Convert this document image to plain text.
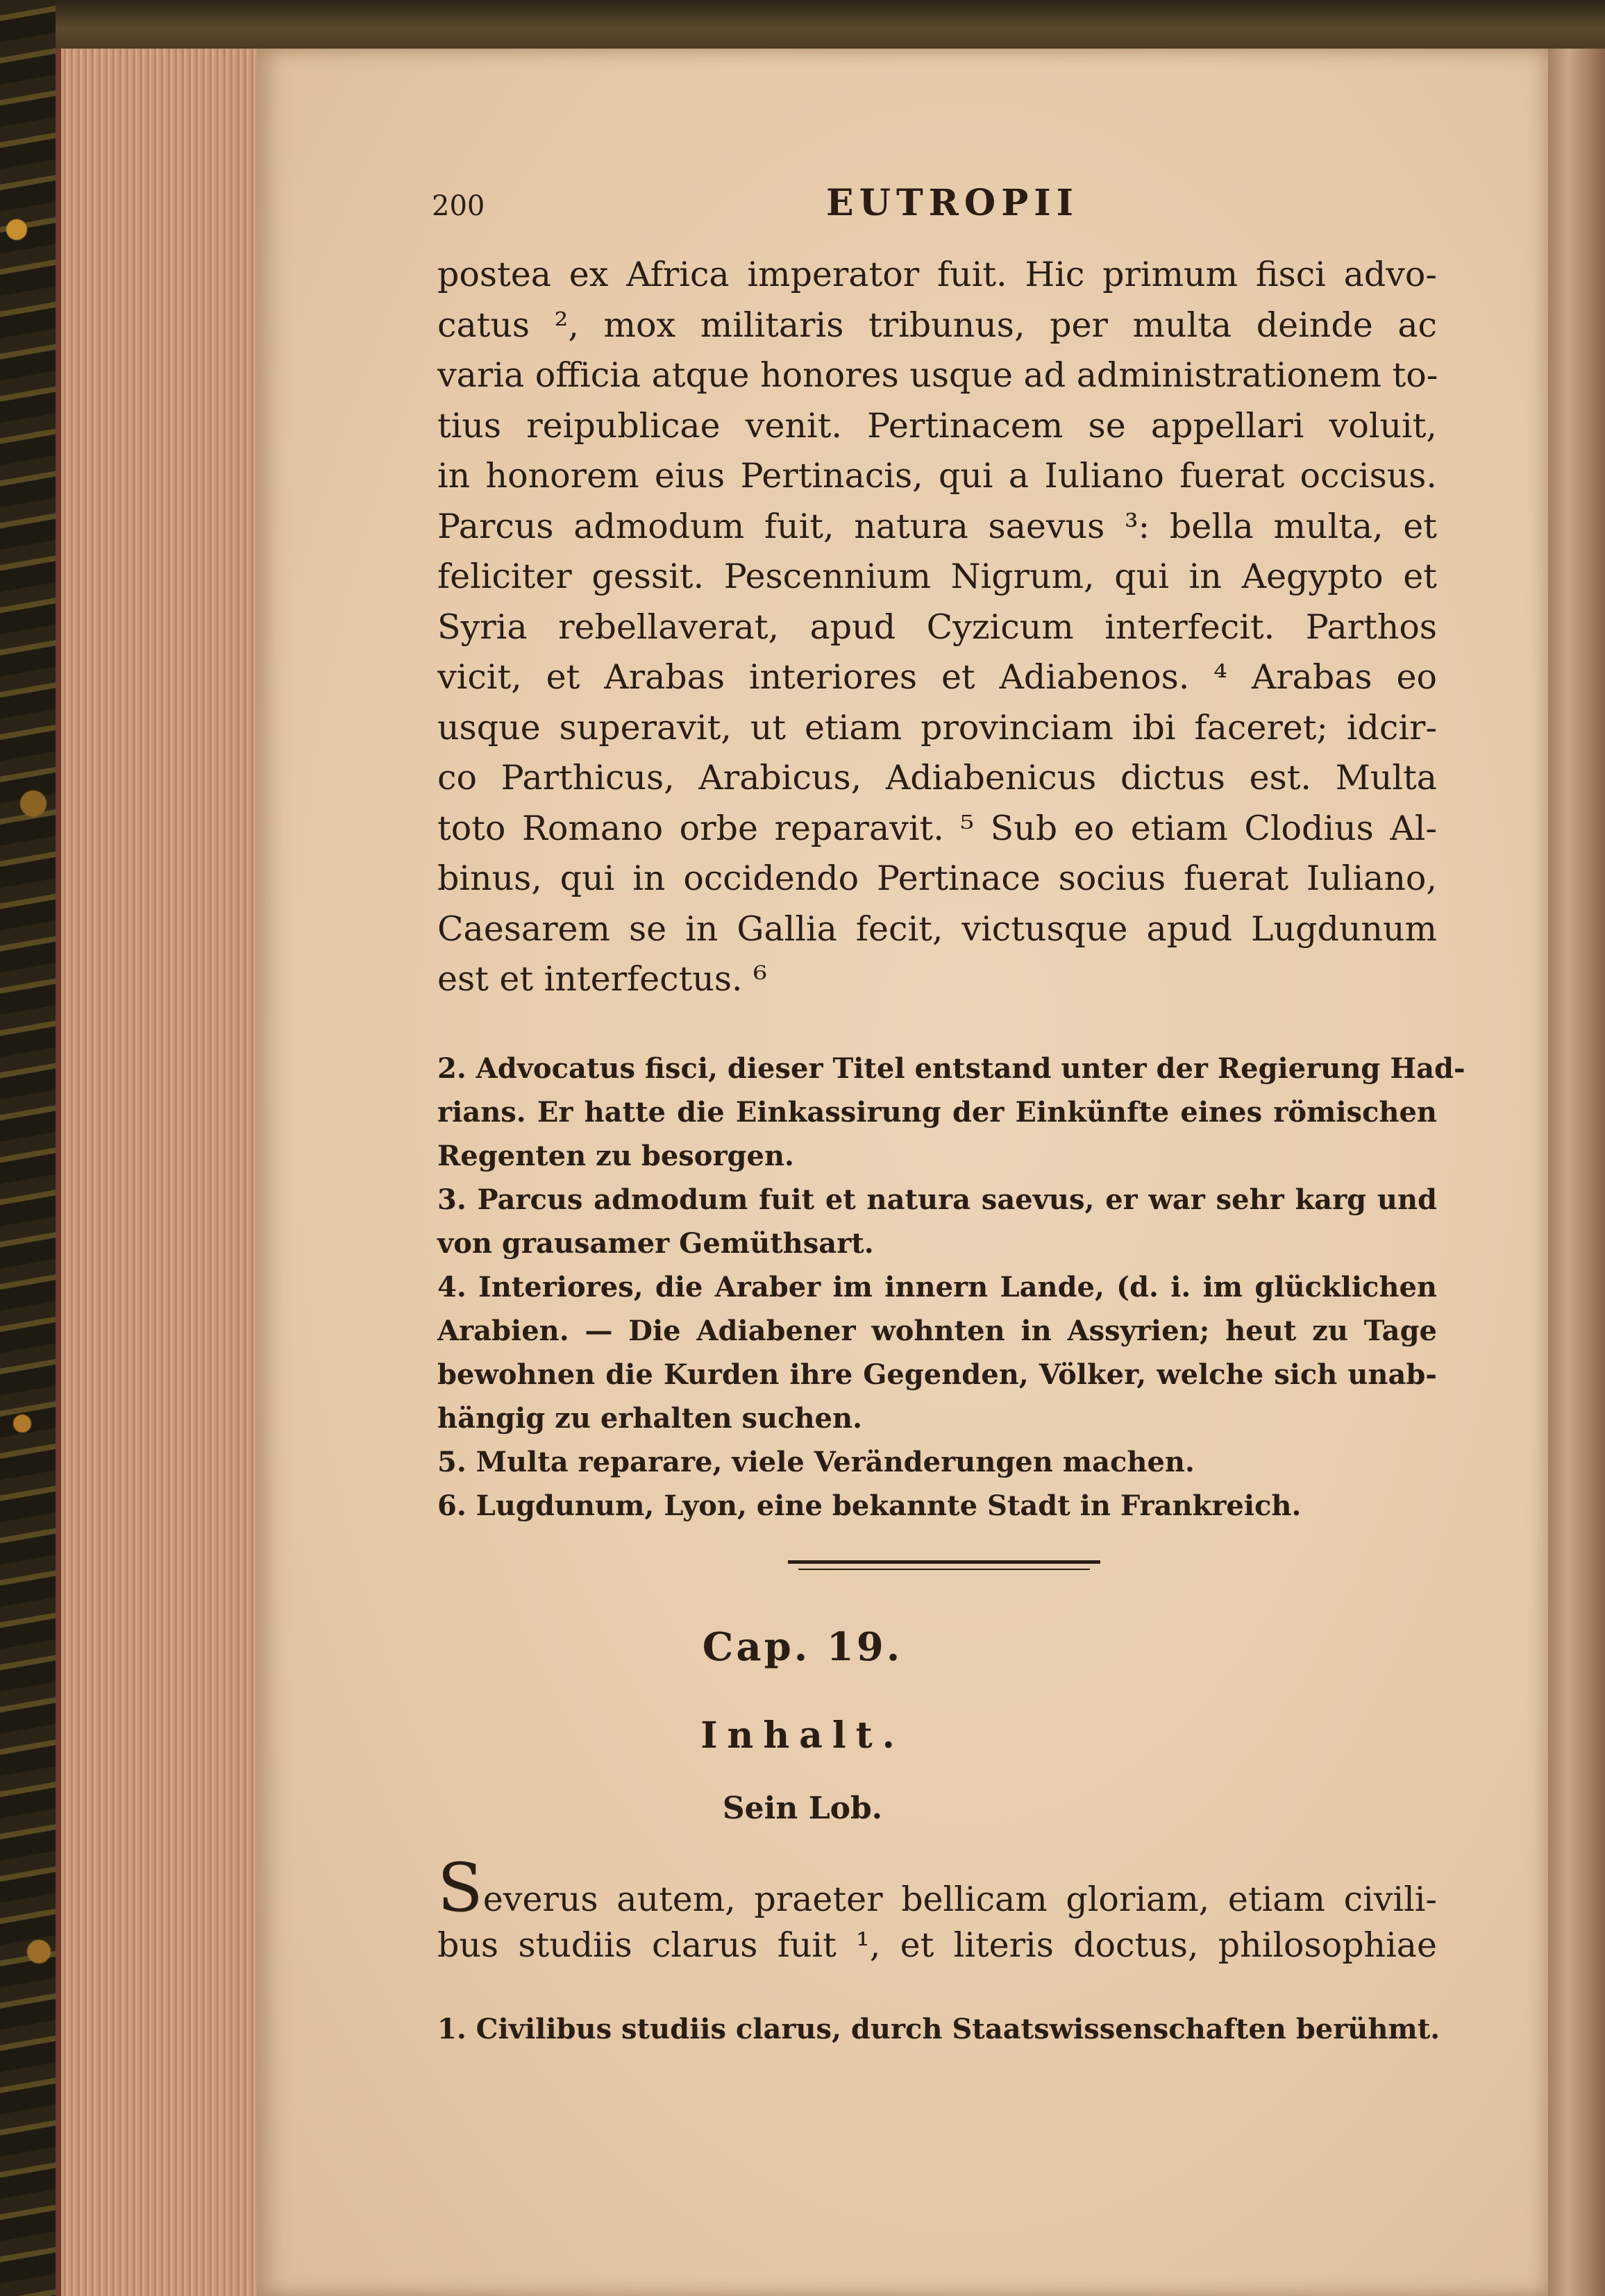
200	EUTROPII
postea ex Africa imperator fuit. Hic primum fisci advo-
catus ², mox militaris tribunus, per multa deinde ac
varia officia atque honores usque ad administrationem to-
tius reipublicae venit. Pertinacem se appellari voluit,
in honorem eius Pertinacis, qui a Iuliano fuerat occisus.
Parcus admodum fuit, natura saevus ³: bella multa, et
feliciter gessit. Pescennium Nigrum, qui in Aegypto et
Syria rebellaverat, apud Cyzicum interfecit. Parthos
vicit, et Arabas interiores et Adiabenos. ⁴ Arabas eo
usque superavit, ut etiam provinciam ibi faceret; idcir-
co Parthicus, Arabicus, Adiabenicus dictus est. Multa
toto Romano orbe reparavit. ⁵ Sub eo etiam Clodius Al-
binus, qui in occidendo Pertinace socius fuerat Iuliano,
Caesarem se in Gallia fecit, victusque apud Lugdunum
est et interfectus. ⁶
2. Advocatus fisci, dieser Titel entstand unter der Regierung Had-
rians. Er hatte die Einkassirung der Einkünfte eines römischen
Regenten zu besorgen.
3. Parcus admodum fuit et natura saevus, er war sehr karg und
von grausamer Gemüthsart.
4. Interiores, die Araber im innern Lande, (d. i. im glücklichen
Arabien. — Die Adiabener wohnten in Assyrien; heut zu Tage
bewohnen die Kurden ihre Gegenden, Völker, welche sich unab-
hängig zu erhalten suchen.
5. Multa reparare, viele Veränderungen machen.
6. Lugdunum, Lyon, eine bekannte Stadt in Frankreich.
Cap. 19.
Inhalt.
Sein Lob.
Severus autem, praeter bellicam gloriam, etiam civili-
bus studiis clarus fuit ¹, et literis doctus, philosophiae
1. Civilibus studiis clarus, durch Staatswissenschaften berühmt.
